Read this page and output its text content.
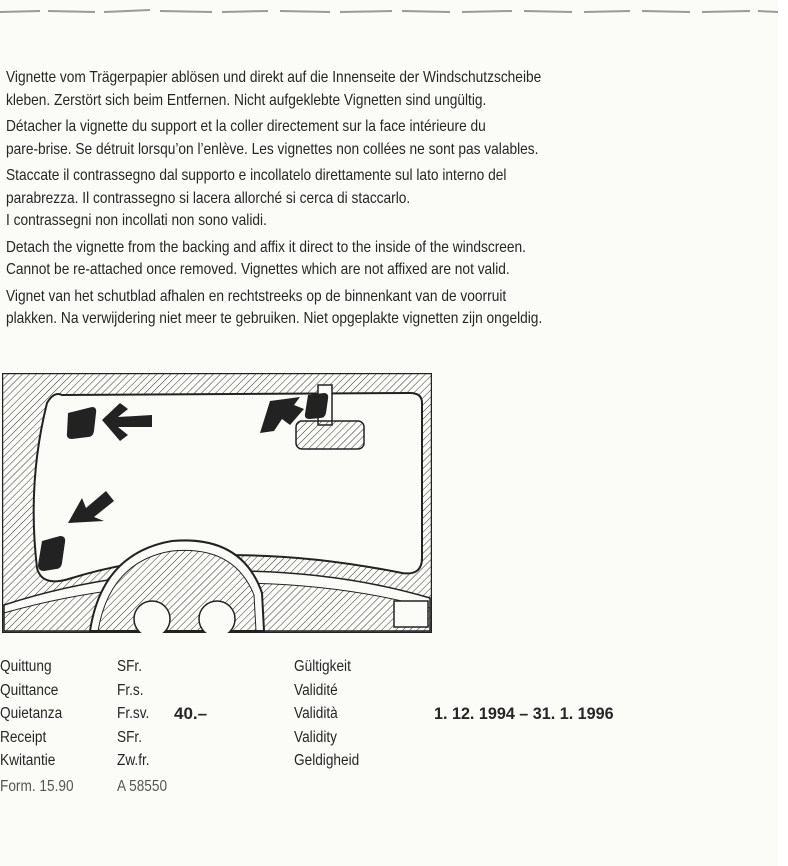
Vignette vom Trägerpapier ablösen und direkt auf die Innenseite der Windschutzscheibe
kleben. Zerstört sich beim Entfernen. Nicht aufgeklebte Vignetten sind ungültig.

Détacher la vignette du support et la coller directement sur la face intérieure du
pare-brise. Se détruit lorsqu’on l’enlève. Les vignettes non collées ne sont pas valables.

Staccate il contrassegno dal supporto e incollatelo direttamente sul lato interno del
parabrezza. Il contrassegno si lacera allorché si cerca di staccarlo.
I contrassegni non incollati non sono validi.

Detach the vignette from the backing and affix it direct to the inside of the windscreen.
Cannot be re-attached once removed. Vignettes which are not affixed are not valid.

Vignet van het schutblad afhalen en rechtstreeks op de binnenkant van de voorruit
plakken. Na verwijdering niet meer te gebruiken. Niet opgeplakte vignetten zijn ongeldig.

Quittung
Quittance
Quietanza
Receipt
Kwitantie
SFr.
Fr.s.
Fr.sv.
SFr.
Zw.fr.
40.–
Gültigkeit
Validité
Validità
Validity
Geldigheid
1. 12. 1994 – 31. 1. 1996
Form. 15.90	A 58550
